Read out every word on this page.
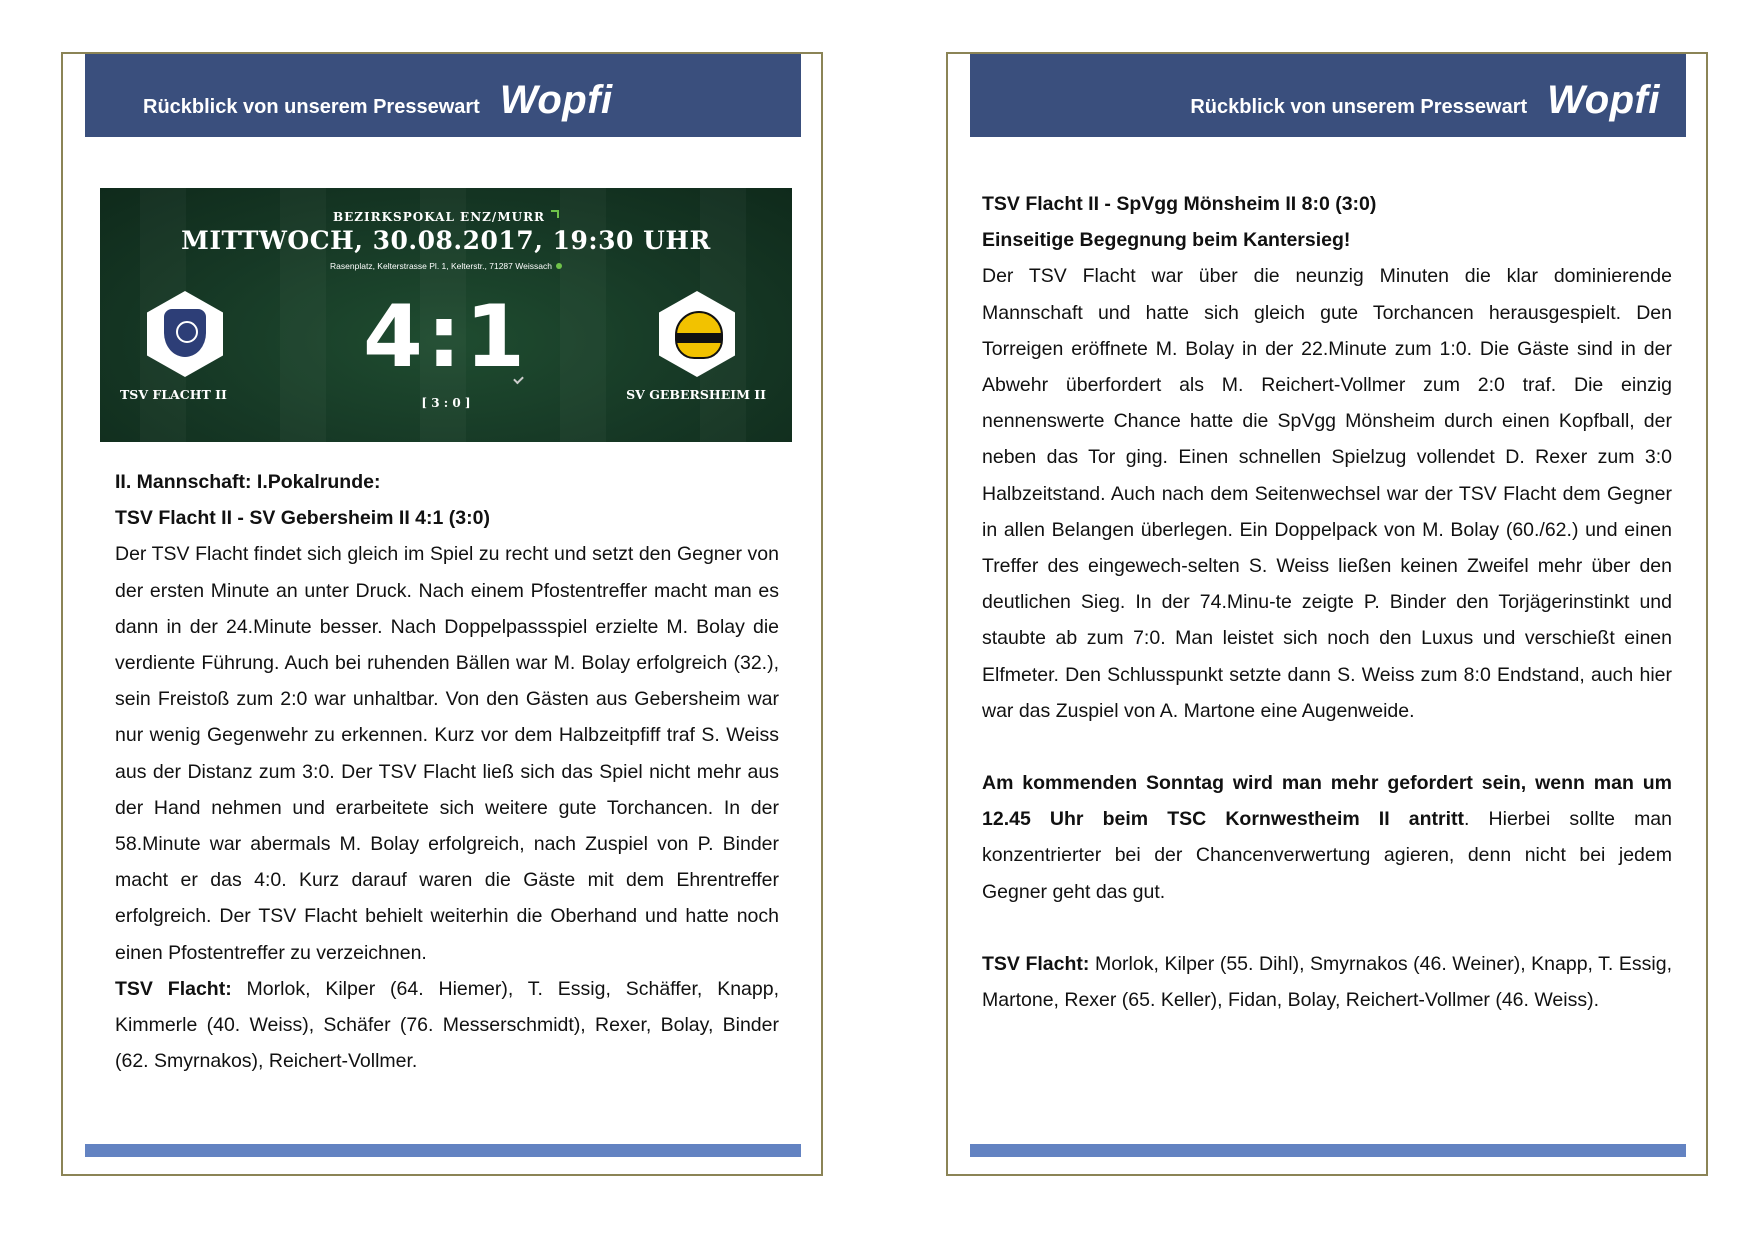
Rückblick von unserem Pressewart Wopfi
BEZIRKSPOKAL ENZ/MURR
MITTWOCH, 30.08.2017, 19:30 UHR
Rasenplatz, Kelterstrasse Pl. 1, Kelterstr., 71287 Weissach
4:1
[ 3 : 0 ]
TSV FLACHT II	SV GEBERSHEIM II

II. Mannschaft: I.Pokalrunde:

TSV Flacht II - SV Gebersheim II 4:1 (3:0)

Der TSV Flacht findet sich gleich im Spiel zu recht und setzt den Gegner von der ersten Minute an unter Druck. Nach einem Pfostentreffer macht man es dann in der 24.Minute besser. Nach Doppelpassspiel erzielte M. Bolay die verdiente Führung. Auch bei ruhenden Bällen war M. Bolay erfolgreich (32.), sein Freistoß zum 2:0 war unhaltbar. Von den Gästen aus Gebersheim war nur wenig Gegenwehr zu erkennen. Kurz vor dem Halbzeitpfiff traf S. Weiss aus der Distanz zum 3:0. Der TSV Flacht ließ sich das Spiel nicht mehr aus der Hand nehmen und erarbeitete sich weitere gute Torchancen. In der 58.Minute war abermals M. Bolay erfolgreich, nach Zuspiel von P. Binder macht er das 4:0. Kurz darauf waren die Gäste mit dem Ehrentreffer erfolgreich. Der TSV Flacht behielt weiterhin die Oberhand und hatte noch einen Pfostentreffer zu verzeichnen.

TSV Flacht: Morlok, Kilper (64. Hiemer), T. Essig, Schäffer, Knapp, Kimmerle (40. Weiss), Schäfer (76. Messerschmidt), Rexer, Bolay, Binder (62. Smyrnakos), Reichert-Vollmer.

Rückblick von unserem Pressewart Wopfi

TSV Flacht II - SpVgg Mönsheim II 8:0 (3:0)

Einseitige Begegnung beim Kantersieg!

Der TSV Flacht war über die neunzig Minuten die klar dominierende Mannschaft und hatte sich gleich gute Torchancen herausgespielt. Den Torreigen eröffnete M. Bolay in der 22.Minute zum 1:0. Die Gäste sind in der Abwehr überfordert als M. Reichert-Vollmer zum 2:0 traf. Die einzig nennenswerte Chance hatte die SpVgg Mönsheim durch einen Kopfball, der neben das Tor ging. Einen schnellen Spielzug vollendet D. Rexer zum 3:0 Halbzeitstand. Auch nach dem Seitenwechsel war der TSV Flacht dem Gegner in allen Belangen überlegen. Ein Doppelpack von M. Bolay (60./62.) und einen Treffer des eingewech-selten S. Weiss ließen keinen Zweifel mehr über den deutlichen Sieg. In der 74.Minu-te zeigte P. Binder den Torjägerinstinkt und staubte ab zum 7:0. Man leistet sich noch den Luxus und verschießt einen Elfmeter. Den Schlusspunkt setzte dann S. Weiss zum 8:0 Endstand, auch hier war das Zuspiel von A. Martone eine Augenweide.

Am kommenden Sonntag wird man mehr gefordert sein, wenn man um 12.45 Uhr beim TSC Kornwestheim II antritt. Hierbei sollte man konzentrierter bei der Chancenverwertung agieren, denn nicht bei jedem Gegner geht das gut.

TSV Flacht: Morlok, Kilper (55. Dihl), Smyrnakos (46. Weiner), Knapp, T. Essig, Martone, Rexer (65. Keller), Fidan, Bolay, Reichert-Vollmer (46. Weiss).
